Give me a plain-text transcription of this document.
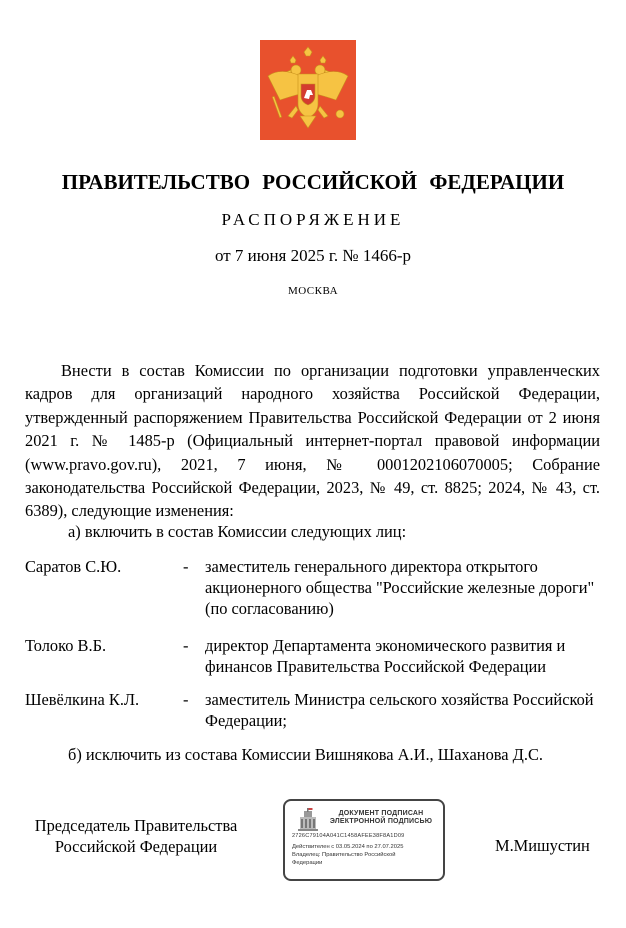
ПРАВИТЕЛЬСТВО РОССИЙСКОЙ ФЕДЕРАЦИИ
РАСПОРЯЖЕНИЕ
от 7 июня 2025 г. № 1466-р
МОСКВА

Внести в состав Комиссии по организации подготовки управленческих кадров для организаций народного хозяйства Российской Федерации, утвержденный распоряжением Правительства Российской Федерации от 2 июня 2021 г. № 1485-р (Официальный интернет-портал правовой информации (www.pravo.gov.ru), 2021, 7 июня, № 0001202106070005; Собрание законодательства Российской Федерации, 2023, № 49, ст. 8825; 2024, № 43, ст. 6389), следующие изменения:

а) включить в состав Комиссии следующих лиц:
Саратов С.Ю.	- заместитель генерального директора открытого акционерного общества "Российские железные дороги" (по согласованию)
Толоко В.Б.	- директор Департамента экономического развития и финансов Правительства Российской Федерации
Шевёлкина К.Л.	- заместитель Министра сельского хозяйства Российской Федерации;
б) исключить из состава Комиссии Вишнякова А.И., Шаханова Д.С.
Председатель Правительства
Российской Федерации
ДОКУМЕНТ ПОДПИСАН ЭЛЕКТРОННОЙ ПОДПИСЬЮ
2726C79104A041C1458AFEE38F8A1D09
Действителен с 03.05.2024 по 27.07.2025
Владелец: Правительство Российской
Федерации
М.Мишустин
